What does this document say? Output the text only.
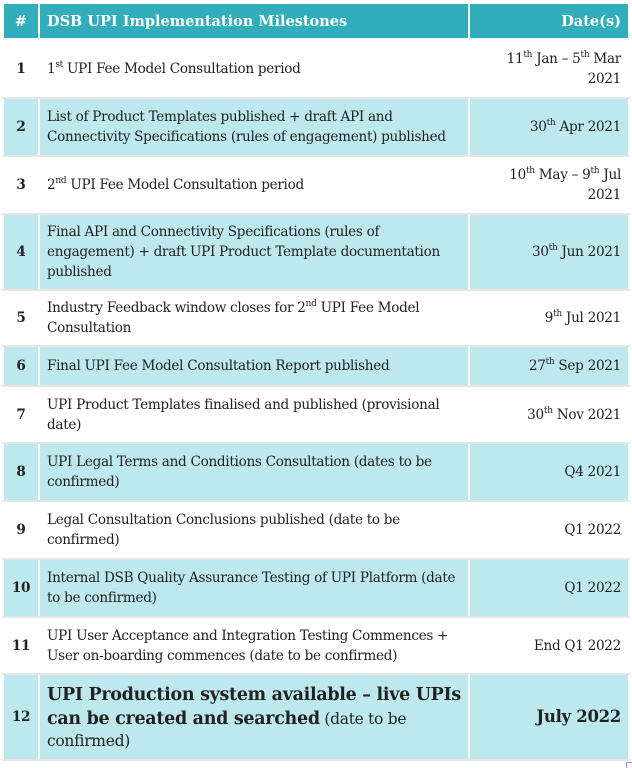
#	DSB UPI Implementation Milestones	Date(s)
1	1st UPI Fee Model Consultation period	11th Jan – 5th Mar 2021
2	List of Product Templates published + draft API and Connectivity Specifications (rules of engagement) published	30th Apr 2021
3	2nd UPI Fee Model Consultation period	10th May – 9th Jul 2021
4	Final API and Connectivity Specifications (rules of engagement) + draft UPI Product Template documentation published	30th Jun 2021
5	Industry Feedback window closes for 2nd UPI Fee Model Consultation	9th Jul 2021
6	Final UPI Fee Model Consultation Report published	27th Sep 2021
7	UPI Product Templates finalised and published (provisional date)	30th Nov 2021
8	UPI Legal Terms and Conditions Consultation (dates to be confirmed)	Q4 2021
9	Legal Consultation Conclusions published (date to be confirmed)	Q1 2022
10	Internal DSB Quality Assurance Testing of UPI Platform (date to be confirmed)	Q1 2022
11	UPI User Acceptance and Integration Testing Commences + User on-boarding commences (date to be confirmed)	End Q1 2022
12	UPI Production system available – live UPIs can be created and searched (date to be confirmed)	July 2022
